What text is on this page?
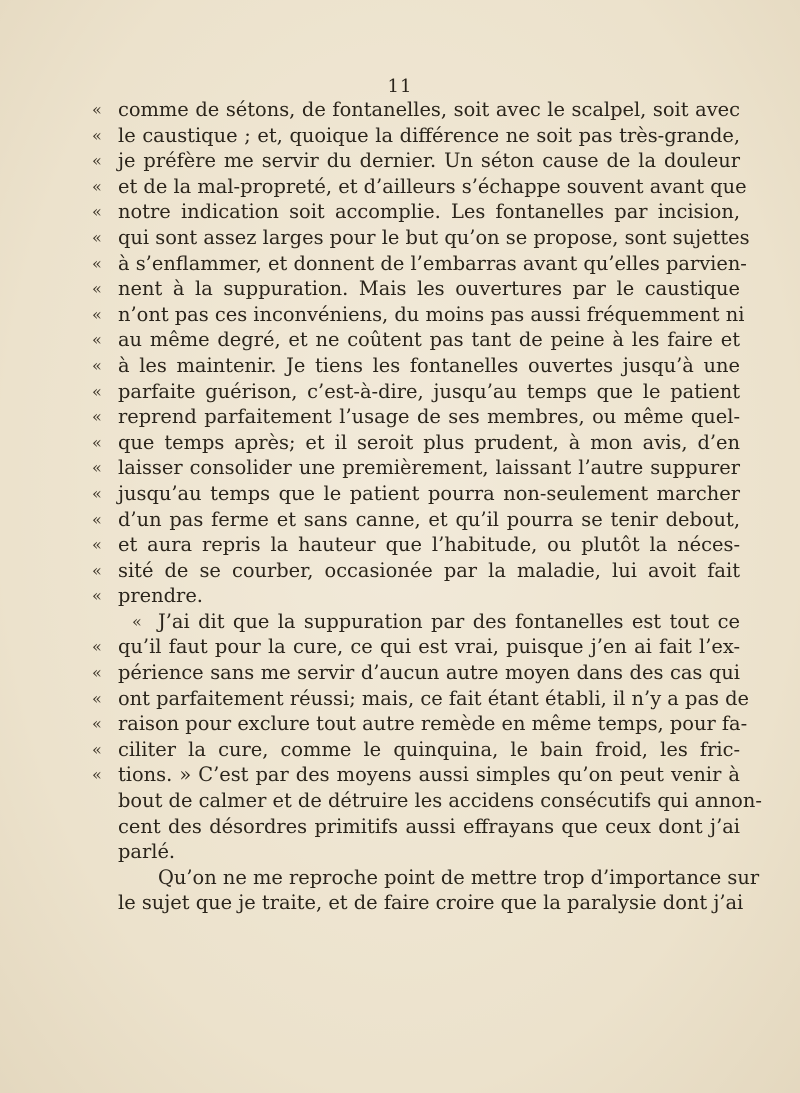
11
« comme de sétons, de fontanelles, soit avec le scalpel, soit avec
« le caustique ; et, quoique la différence ne soit pas très-grande,
« je préfère me servir du dernier. Un séton cause de la douleur
« et de la mal-propreté, et d’ailleurs s’échappe souvent avant que
« notre indication soit accomplie. Les fontanelles par incision,
« qui sont assez larges pour le but qu’on se propose, sont sujettes
« à s’enflammer, et donnent de l’embarras avant qu’elles parvien-
« nent à la suppuration. Mais les ouvertures par le caustique
« n’ont pas ces inconvéniens, du moins pas aussi fréquemment ni
« au même degré, et ne coûtent pas tant de peine à les faire et
« à les maintenir. Je tiens les fontanelles ouvertes jusqu’à une
« parfaite guérison, c’est-à-dire, jusqu’au temps que le patient
« reprend parfaitement l’usage de ses membres, ou même quel-
« que temps après; et il seroit plus prudent, à mon avis, d’en
« laisser consolider une premièrement, laissant l’autre suppurer
« jusqu’au temps que le patient pourra non-seulement marcher
« d’un pas ferme et sans canne, et qu’il pourra se tenir debout,
« et aura repris la hauteur que l’habitude, ou plutôt la néces-
« sité de se courber, occasionée par la maladie, lui avoit fait
« prendre.
« J’ai dit que la suppuration par des fontanelles est tout ce
« qu’il faut pour la cure, ce qui est vrai, puisque j’en ai fait l’ex-
« périence sans me servir d’aucun autre moyen dans des cas qui
« ont parfaitement réussi; mais, ce fait étant établi, il n’y a pas de
« raison pour exclure tout autre remède en même temps, pour fa-
« ciliter la cure, comme le quinquina, le bain froid, les fric-
« tions. » C’est par des moyens aussi simples qu’on peut venir à
bout de calmer et de détruire les accidens consécutifs qui annon-
cent des désordres primitifs aussi effrayans que ceux dont j’ai
parlé.
Qu’on ne me reproche point de mettre trop d’importance sur
le sujet que je traite, et de faire croire que la paralysie dont j’ai
